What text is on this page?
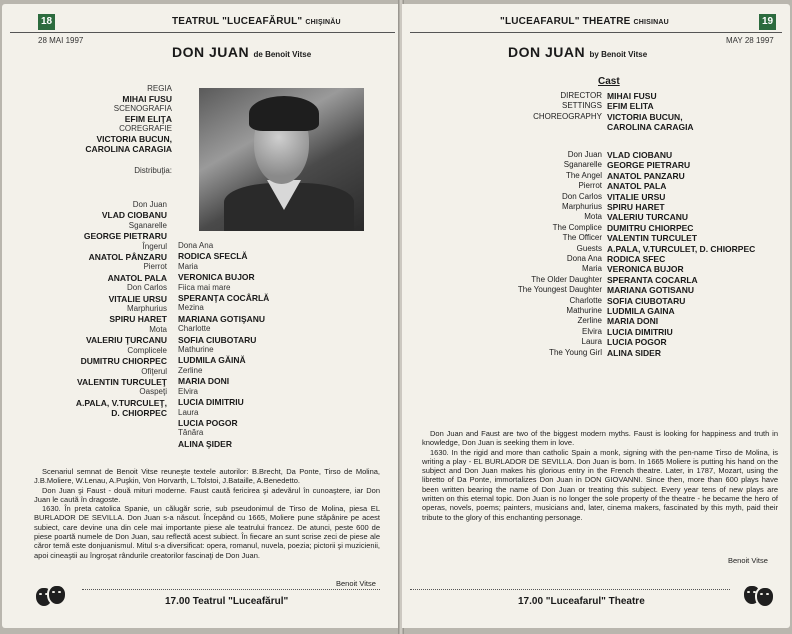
18	TEATRUL "LUCEAFĂRUL" CHIŞINĂU
28 MAI 1997
DON JUAN de Benoit Vitse
REGIA
MIHAI FUSU
SCENOGRAFIA
EFIM ELIŢA
COREGRAFIE
VICTORIA BUCUN,
CAROLINA CARAGIA
Distribuţia:
Don Juan
VLAD CIOBANU
Sganarelle
GEORGE PIETRARU
Îngerul
ANATOL PÂNZARU
Pierrot
ANATOL PALA
Don Carlos
VITALIE URSU
Marphurius
SPIRU HARET
Mota
VALERIU ŢURCANU
Complicele
DUMITRU CHIORPEC
Ofiţerul
VALENTIN TURCULEŢ
Oaspeţi
A.PALA, V.TURCULEŢ,
D. CHIORPEC
Dona Ana
RODICA SFECLĂ
Maria
VERONICA BUJOR
Fiica mai mare
SPERANŢA COCÂRLĂ
Mezina
MARIANA GOTIŞANU
Charlotte
SOFIA CIUBOTARU
Mathurine
LUDMILA GĂINĂ
Zerline
MARIA DONI
Elvira
LUCIA DIMITRIU
Laura
LUCIA POGOR
Tânăra
ALINA ŞIDER
Scenariul semnat de Benoit Vitse reuneşte textele autorilor: B.Brecht, Da Ponte, Tirso de Molina, J.B.Moliere, W.Lenau, A.Puşkin, Von Horvarth, L.Tolstoi, J.Bataille, A.Benedetto.
Don Juan şi Faust - două mituri moderne. Faust caută fericirea şi adevărul în cunoaştere, iar Don Juan le caută în dragoste.
1630. În preta catolica Spanie, un călugăr scrie, sub pseudonimul de Tirso de Molina, piesa EL BURLADOR DE SEVILLA. Don Juan s-a născut. Începând cu 1665, Moliere pune stăpânire pe acest subiect, care devine una din cele mai importante piese ale teatrului francez. De atunci, peste 600 de piese poartă numele de Don Juan, sau reflectă acest subiect. În fiecare an sunt scrise zeci de piese ale căror temă este donjuanismul. Mitul s-a diversificat: opera, romanul, nuvela, poezia; pictorii şi muzicienii, apoi cineaştii au îngroşat rândurile creatorilor fascinaţi de Don Juan.
Benoit Vitse
17.00 Teatrul "Luceafărul"
19
"LUCEAFARUL" THEATRE CHISINAU
MAY 28 1997
DON JUAN by Benoit Vitse
Cast
DIRECTOR
SETTINGS
CHOREOGRAPHY
MIHAI FUSU
EFIM ELITA
VICTORIA BUCUN,
CAROLINA CARAGIA
Don Juan
Sganarelle
The Angel
Pierrot
Don Carlos
Marphurius
Mota
The Complice
The Officer
Guests
Dona Ana
Maria
The Older Daughter
The Youngest Daughter
Charlotte
Mathurine
Zerline
Elvira
Laura
The Young Girl
VLAD CIOBANU
GEORGE PIETRARU
ANATOL PANZARU
ANATOL PALA
VITALIE URSU
SPIRU HARET
VALERIU TURCANU
DUMITRU CHIORPEC
VALENTIN TURCULET
A.PALA, V.TURCULET, D. CHIORPEC
RODICA SFEC
VERONICA BUJOR
SPERANTA COCARLA
MARIANA GOTISANU
SOFIA CIUBOTARU
LUDMILA GAINA
MARIA DONI
LUCIA DIMITRIU
LUCIA POGOR
ALINA SIDER
Don Juan and Faust are two of the biggest modern myths. Faust is looking for happiness and truth in knowledge, Don Juan is seeking them in love.
1630. In the rigid and more than catholic Spain a monk, signing with the pen-name Tirso de Molina, is writing a play - EL BURLADOR DE SEVILLA. Don Juan is born. In 1665 Moliere is putting his hand on the subject and Don Juan makes his glorious entry in the French theatre. Later, in 1787, Mozart, using the libretto of Da Ponte, immortalizes Don Juan in DON GIOVANNI. Since then, more than 600 plays have been written bearing the name of Don Juan or treating this subject. Every year tens of new plays are written on this eternal topic. Don Juan is no longer the sole property of the theatre - he became the hero of operas, novels, poems; painters, musicians and, later, cinema makers, fascinated by this myth, paid their tribute to the glory of this enchanting personage.
Benoit Vitse
17.00 "Luceafarul" Theatre
